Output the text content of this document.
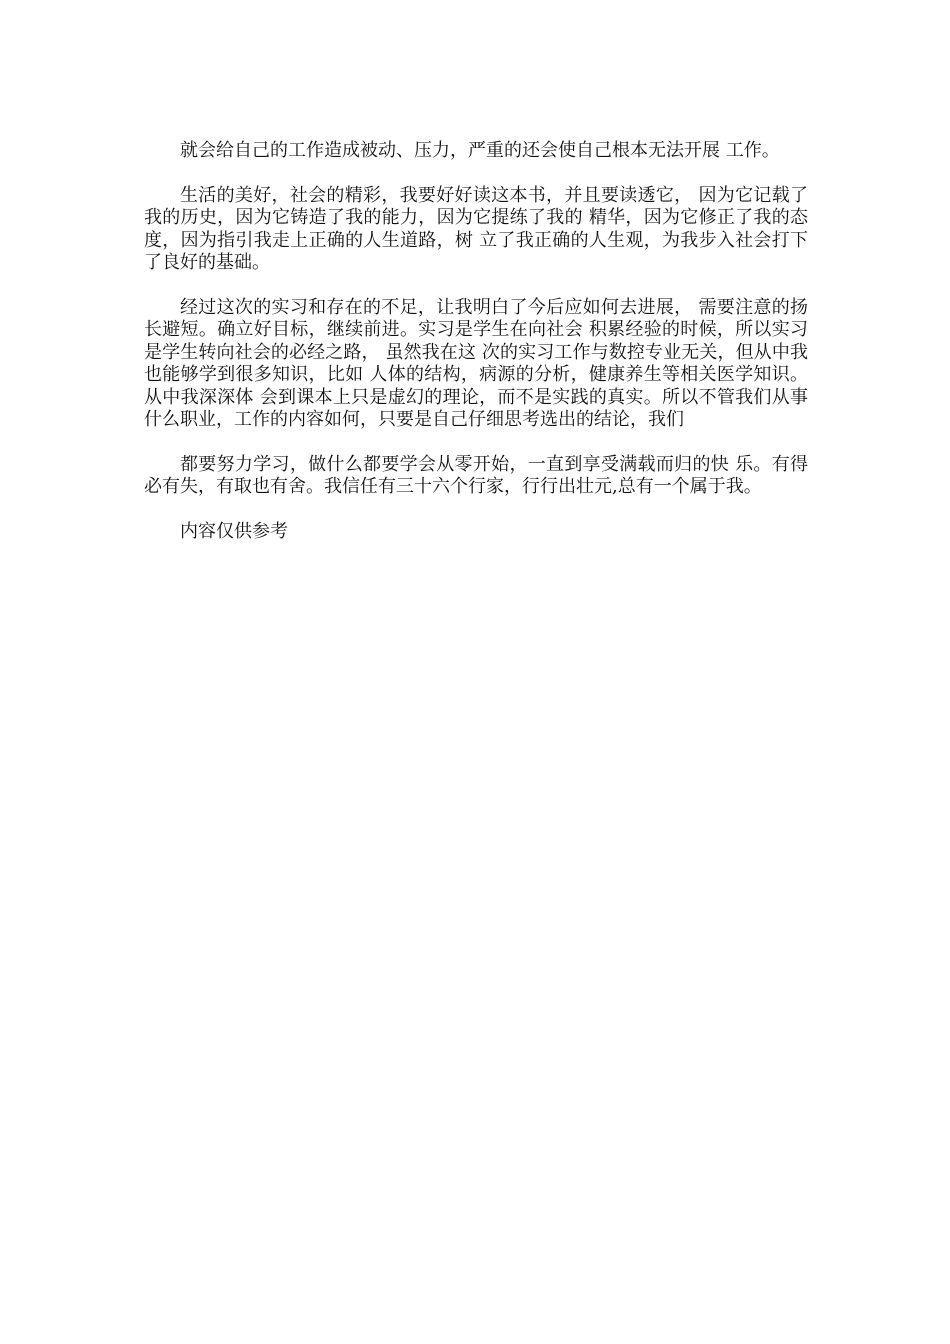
就会给自己的工作造成被动、压力，严重的还会使自己根本无法开展 工作。

生活的美好，社会的精彩，我要好好读这本书，并且要读透它， 因为它记载了我的历史，因为它铸造了我的能力，因为它提练了我的 精华，因为它修正了我的态度，因为指引我走上正确的人生道路，树 立了我正确的人生观，为我步入社会打下了良好的基础。

经过这次的实习和存在的不足，让我明白了今后应如何去进展， 需要注意的扬长避短。确立好目标，继续前进。实习是学生在向社会 积累经验的时候，所以实习是学生转向社会的必经之路， 虽然我在这 次的实习工作与数控专业无关，但从中我也能够学到很多知识，比如 人体的结构，病源的分析，健康养生等相关医学知识。从中我深深体 会到课本上只是虚幻的理论，而不是实践的真实。所以不管我们从事 什么职业，工作的内容如何，只要是自己仔细思考选出的结论，我们

都要努力学习，做什么都要学会从零开始，一直到享受满载而归的快 乐。有得必有失，有取也有舍。我信任有三十六个行家，行行出壮元,总有一个属于我。

内容仅供参考
